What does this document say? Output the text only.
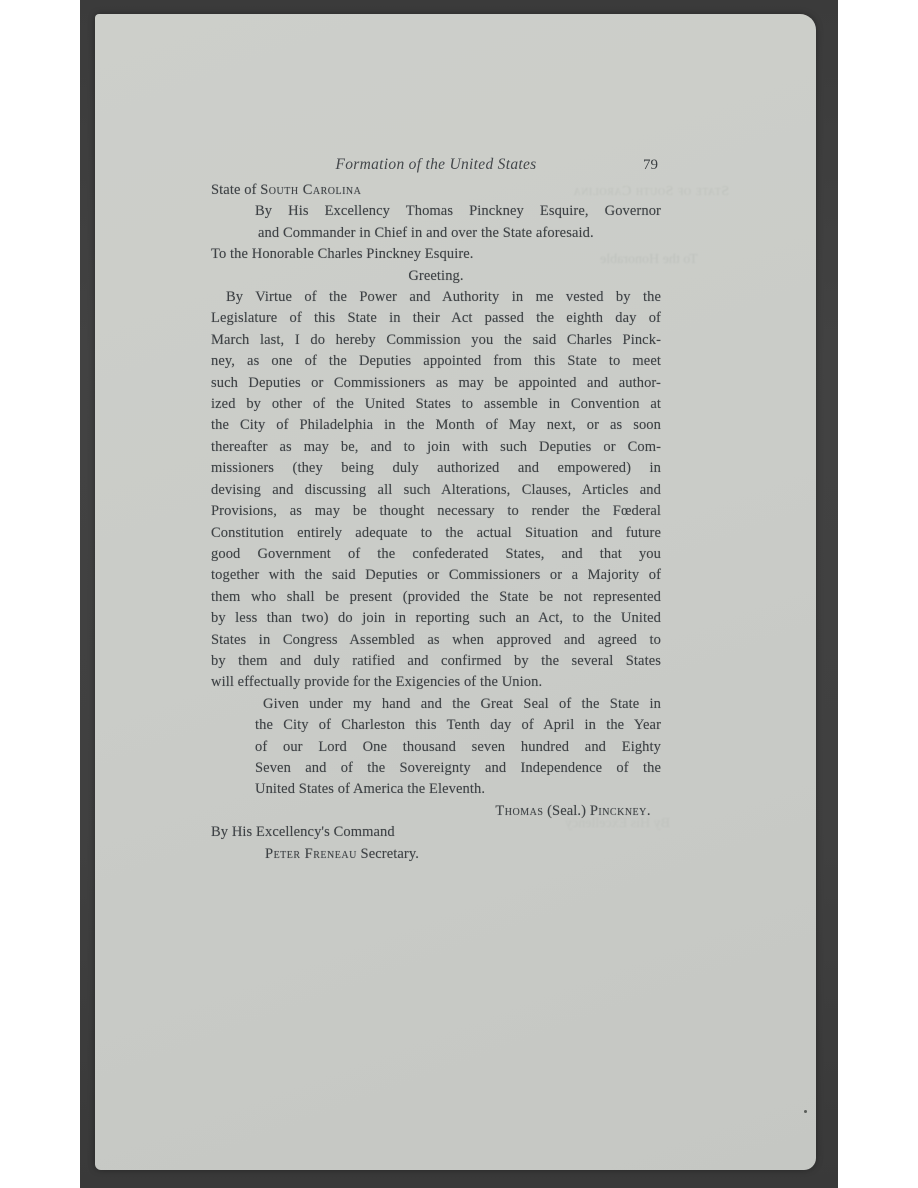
Formation of the United States	79
State of South Carolina
By His Excellency Thomas Pinckney Esquire, Governor
and Commander in Chief in and over the State aforesaid.
To the Honorable Charles Pinckney Esquire.
Greeting.
By Virtue of the Power and Authority in me vested by the
Legislature of this State in their Act passed the eighth day of
March last, I do hereby Commission you the said Charles Pinck-
ney, as one of the Deputies appointed from this State to meet
such Deputies or Commissioners as may be appointed and author-
ized by other of the United States to assemble in Convention at
the City of Philadelphia in the Month of May next, or as soon
thereafter as may be, and to join with such Deputies or Com-
missioners (they being duly authorized and empowered) in
devising and discussing all such Alterations, Clauses, Articles and
Provisions, as may be thought necessary to render the Fœderal
Constitution entirely adequate to the actual Situation and future
good Government of the confederated States, and that you
together with the said Deputies or Commissioners or a Majority of
them who shall be present (provided the State be not represented
by less than two) do join in reporting such an Act, to the United
States in Congress Assembled as when approved and agreed to
by them and duly ratified and confirmed by the several States
will effectually provide for the Exigencies of the Union.
Given under my hand and the Great Seal of the State in
the City of Charleston this Tenth day of April in the Year
of our Lord One thousand seven hundred and Eighty
Seven and of the Sovereignty and Independence of the
United States of America the Eleventh.
Thomas (Seal.) Pinckney.
By His Excellency's Command
Peter Freneau Secretary.
State of South Carolina
To the Honorable
By His Excellency
